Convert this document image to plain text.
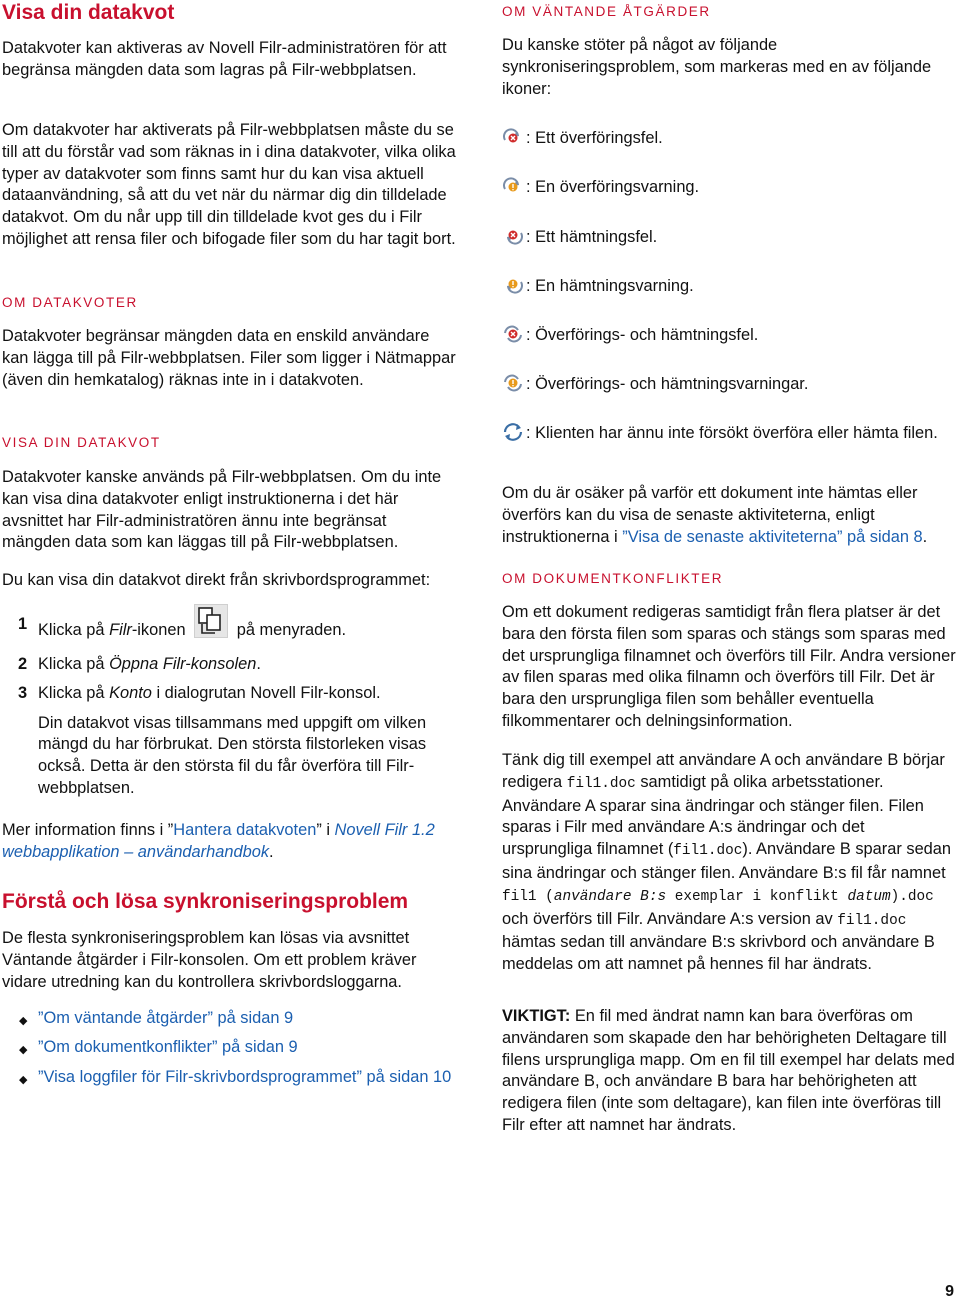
Visa din datakvot

Datakvoter kan aktiveras av Novell Filr-administratören för att begränsa mängden data som lagras på Filr-webbplatsen.

Om datakvoter har aktiverats på Filr-webbplatsen måste du se till att du förstår vad som räknas in i dina datakvoter, vilka olika typer av datakvoter som finns samt hur du kan visa aktuell dataanvändning, så att du vet när du närmar dig din tilldelade datakvot. Om du når upp till din tilldelade kvot ges du i Filr möjlighet att rensa filer och bifogade filer som du har tagit bort.

OM DATAKVOTER

Datakvoter begränsar mängden data en enskild användare kan lägga till på Filr-webbplatsen. Filer som ligger i Nätmappar (även din hemkatalog) räknas inte in i datakvoten.

VISA DIN DATAKVOT

Datakvoter kanske används på Filr-webbplatsen. Om du inte kan visa dina datakvoter enligt instruktionerna i det här avsnittet har Filr-administratören ännu inte begränsat mängden data som kan läggas till på Filr-webbplatsen.

Du kan visa din datakvot direkt från skrivbordsprogrammet:

1 Klicka på Filr-ikonen	på menyraden.
2 Klicka på Öppna Filr-konsolen.
3 Klicka på Konto i dialogrutan Novell Filr-konsol.
Din datakvot visas tillsammans med uppgift om vilken mängd du har förbrukat. Den största filstorleken visas också. Detta är den största fil du får överföra till Filr-webbplatsen.

Mer information finns i ”Hantera datakvoten” i Novell Filr 1.2 webbapplikation – användarhandbok.

Förstå och lösa synkroniseringsproblem

De flesta synkroniseringsproblem kan lösas via avsnittet Väntande åtgärder i Filr-konsolen. Om ett problem kräver vidare utredning kan du kontrollera skrivbordsloggarna.

◆ ”Om väntande åtgärder” på sidan 9
◆ ”Om dokumentkonflikter” på sidan 9
◆ ”Visa loggfiler för Filr-skrivbordsprogrammet” på sidan 10

OM VÄNTANDE ÅTGÄRDER

Du kanske stöter på något av följande synkroniseringsproblem, som markeras med en av följande ikoner:

: Ett överföringsfel.
: En överföringsvarning.
: Ett hämtningsfel.
: En hämtningsvarning.
: Överförings- och hämtningsfel.
: Överförings- och hämtningsvarningar.
: Klienten har ännu inte försökt överföra eller hämta filen.

Om du är osäker på varför ett dokument inte hämtas eller överförs kan du visa de senaste aktiviteterna, enligt instruktionerna i ”Visa de senaste aktiviteterna” på sidan 8.

OM DOKUMENTKONFLIKTER

Om ett dokument redigeras samtidigt från flera platser är det bara den första filen som sparas och stängs som sparas med det ursprungliga filnamnet och överförs till Filr. Andra versioner av filen sparas med olika filnamn och överförs till Filr. Det är bara den ursprungliga filen som behåller eventuella filkommentarer och delningsinformation.

Tänk dig till exempel att användare A och användare B börjar redigera fil1.doc samtidigt på olika arbetsstationer. Användare A sparar sina ändringar och stänger filen. Filen sparas i Filr med användare A:s ändringar och det ursprungliga filnamnet (fil1.doc). Användare B sparar sedan sina ändringar och stänger filen. Användare B:s fil får namnet fil1 (användare B:s exemplar i konflikt datum).doc och överförs till Filr. Användare A:s version av fil1.doc hämtas sedan till användare B:s skrivbord och användare B meddelas om att namnet på hennes fil har ändrats.

VIKTIGT: En fil med ändrat namn kan bara överföras om användaren som skapade den har behörigheten Deltagare till filens ursprungliga mapp. Om en fil till exempel har delats med användare B, och användare B bara har behörigheten att redigera filen (inte som deltagare), kan filen inte överföras till Filr efter att namnet har ändrats.

9
